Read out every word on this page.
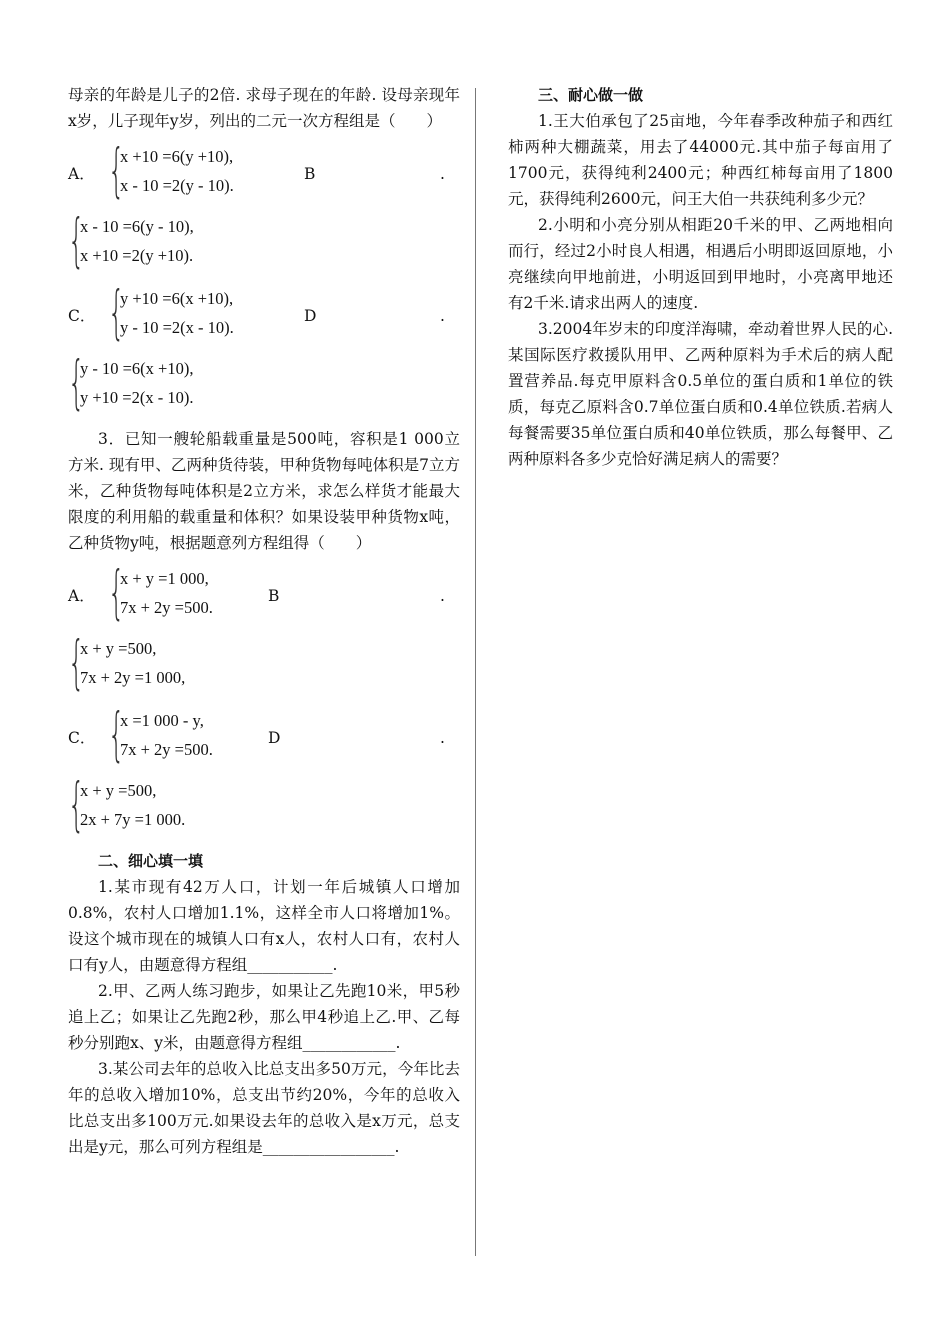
母亲的年龄是儿子的2倍. 求母子现在的年龄. 设母亲现年x岁，儿子现年y岁，列出的二元一次方程组是（　　）

A． {
x +10 =6(y +10),
x - 10 =2(y - 10).
B	.
{
x - 10 =6(y - 10),
x +10 =2(y +10).
C． {
y +10 =6(x +10),
y - 10 =2(x - 10).
D	.
{
y - 10 =6(x +10),
y +10 =2(x - 10).

3．已知一艘轮船载重量是500吨，容积是1 000立方米. 现有甲、乙两种货待装，甲种货物每吨体积是7立方米，乙种货物每吨体积是2立方米，求怎么样货才能最大限度的利用船的载重量和体积？如果设装甲种货物x吨，乙种货物y吨，根据题意列方程组得（　　）

A． {
x + y =1 000,
7x + 2y =500.
B	.
{
x + y =500,
7x + 2y =1 000,
C． {
x =1 000 - y,
7x + 2y =500.
D	.
{
x + y =500,
2x + 7y =1 000.

二、细心填一填

1.某市现有42万人口，计划一年后城镇人口增加0.8%，农村人口增加1.1%，这样全市人口将增加1%。设这个城市现在的城镇人口有x人，农村人口有，农村人口有y人，由题意得方程组___________.

2.甲、乙两人练习跑步，如果让乙先跑10米，甲5秒追上乙；如果让乙先跑2秒，那么甲4秒追上乙.甲、乙每秒分别跑x、y米，由题意得方程组____________.

3.某公司去年的总收入比总支出多50万元，今年比去年的总收入增加10%，总支出节约20%，今年的总收入比总支出多100万元.如果设去年的总收入是x万元，总支出是y元，那么可列方程组是_________________.

三、耐心做一做

1.王大伯承包了25亩地，今年春季改种茄子和西红柿两种大棚蔬菜，用去了44000元.其中茄子每亩用了1700元，获得纯利2400元；种西红柿每亩用了1800元，获得纯利2600元，问王大伯一共获纯利多少元？

2.小明和小亮分别从相距20千米的甲、乙两地相向而行，经过2小时良人相遇，相遇后小明即返回原地，小亮继续向甲地前进，小明返回到甲地时，小亮离甲地还有2千米.请求出两人的速度.

3.2004年岁末的印度洋海啸，牵动着世界人民的心.某国际医疗救援队用甲、乙两种原料为手术后的病人配置营养品.每克甲原料含0.5单位的蛋白质和1单位的铁质，每克乙原料含0.7单位蛋白质和0.4单位铁质.若病人每餐需要35单位蛋白质和40单位铁质，那么每餐甲、乙两种原料各多少克恰好满足病人的需要？
